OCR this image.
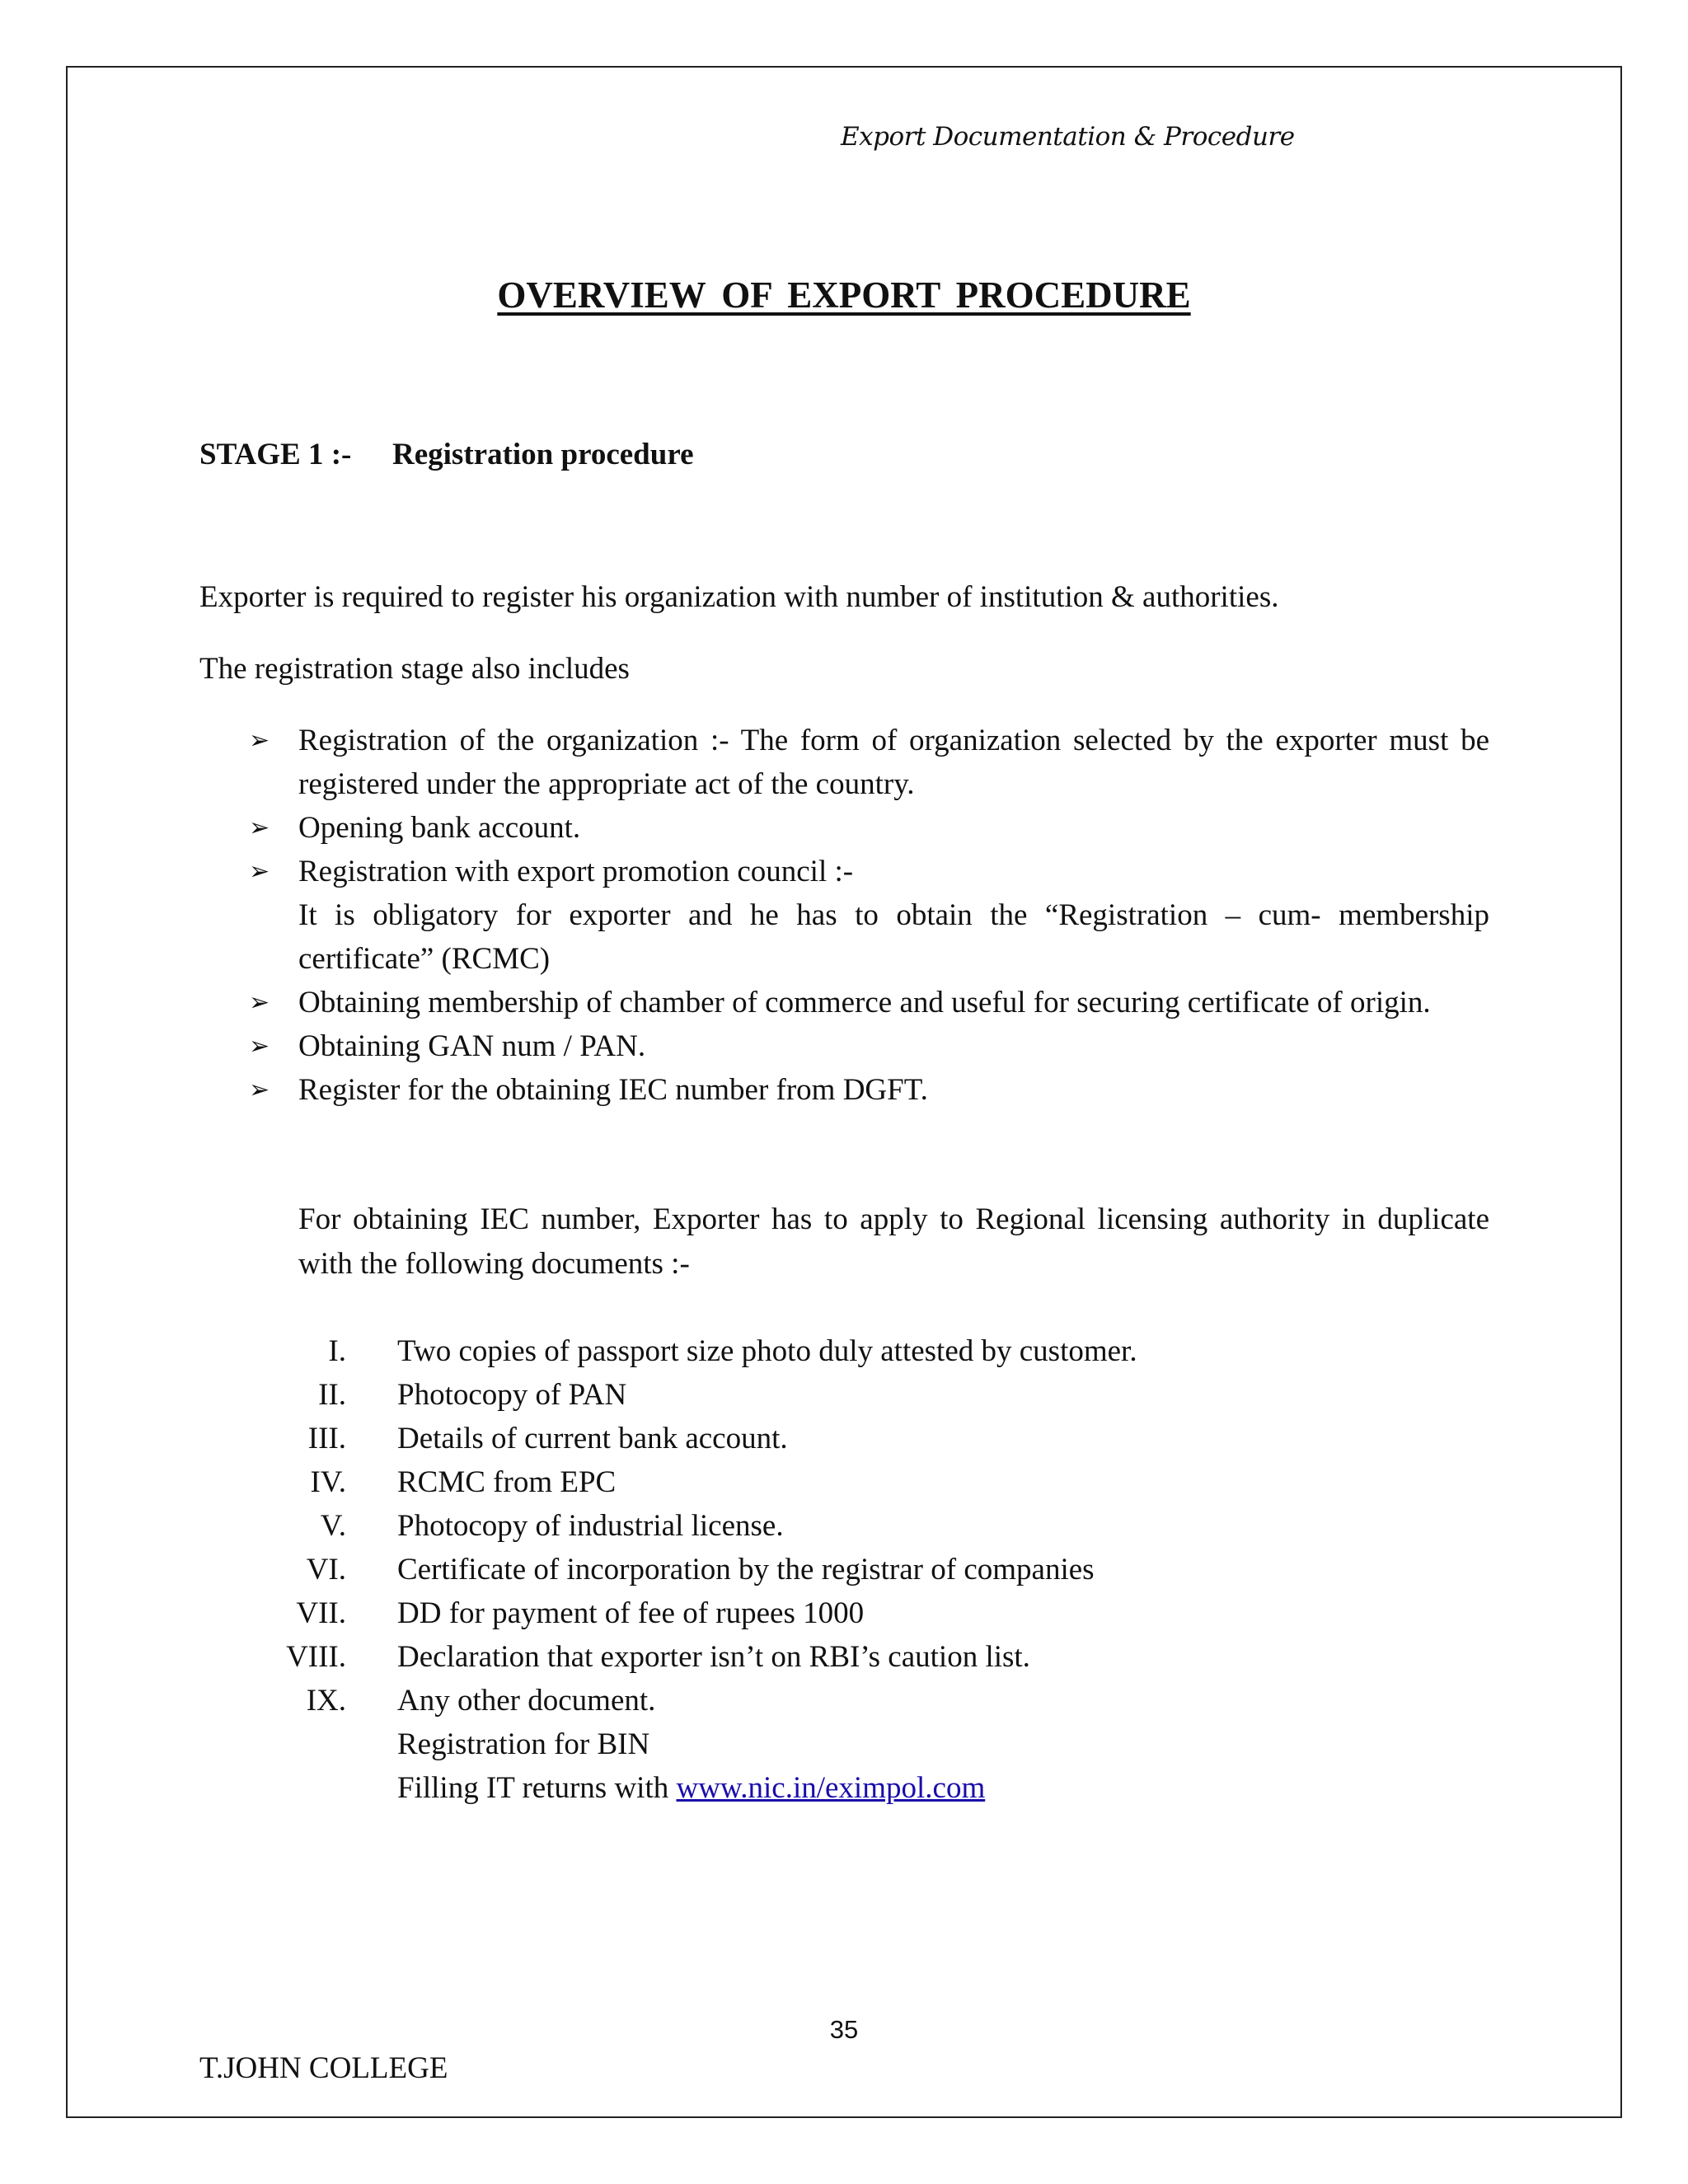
Export Documentation & Procedure
OVERVIEW OF EXPORT PROCEDURE
STAGE 1 :- Registration procedure
Exporter is required to register his organization with number of institution & authorities.
The registration stage also includes
➢ Registration of the organization :- The form of organization selected by the exporter must be registered under the appropriate act of the country.
➢ Opening bank account.
➢ Registration with export promotion council :-
It is obligatory for exporter and he has to obtain the “Registration – cum- membership certificate” (RCMC)
➢ Obtaining membership of chamber of commerce and useful for securing certificate of origin.
➢ Obtaining GAN num / PAN.
➢ Register for the obtaining IEC number from DGFT.
For obtaining IEC number, Exporter has to apply to Regional licensing authority in duplicate with the following documents :-
I. Two copies of passport size photo duly attested by customer.
II. Photocopy of PAN
III. Details of current bank account.
IV. RCMC from EPC
V. Photocopy of industrial license.
VI. Certificate of incorporation by the registrar of companies
VII. DD for payment of fee of rupees 1000
VIII. Declaration that exporter isn’t on RBI’s caution list.
IX. Any other document.
Registration for BIN
Filling IT returns with www.nic.in/eximpol.com
35
T.JOHN COLLEGE
